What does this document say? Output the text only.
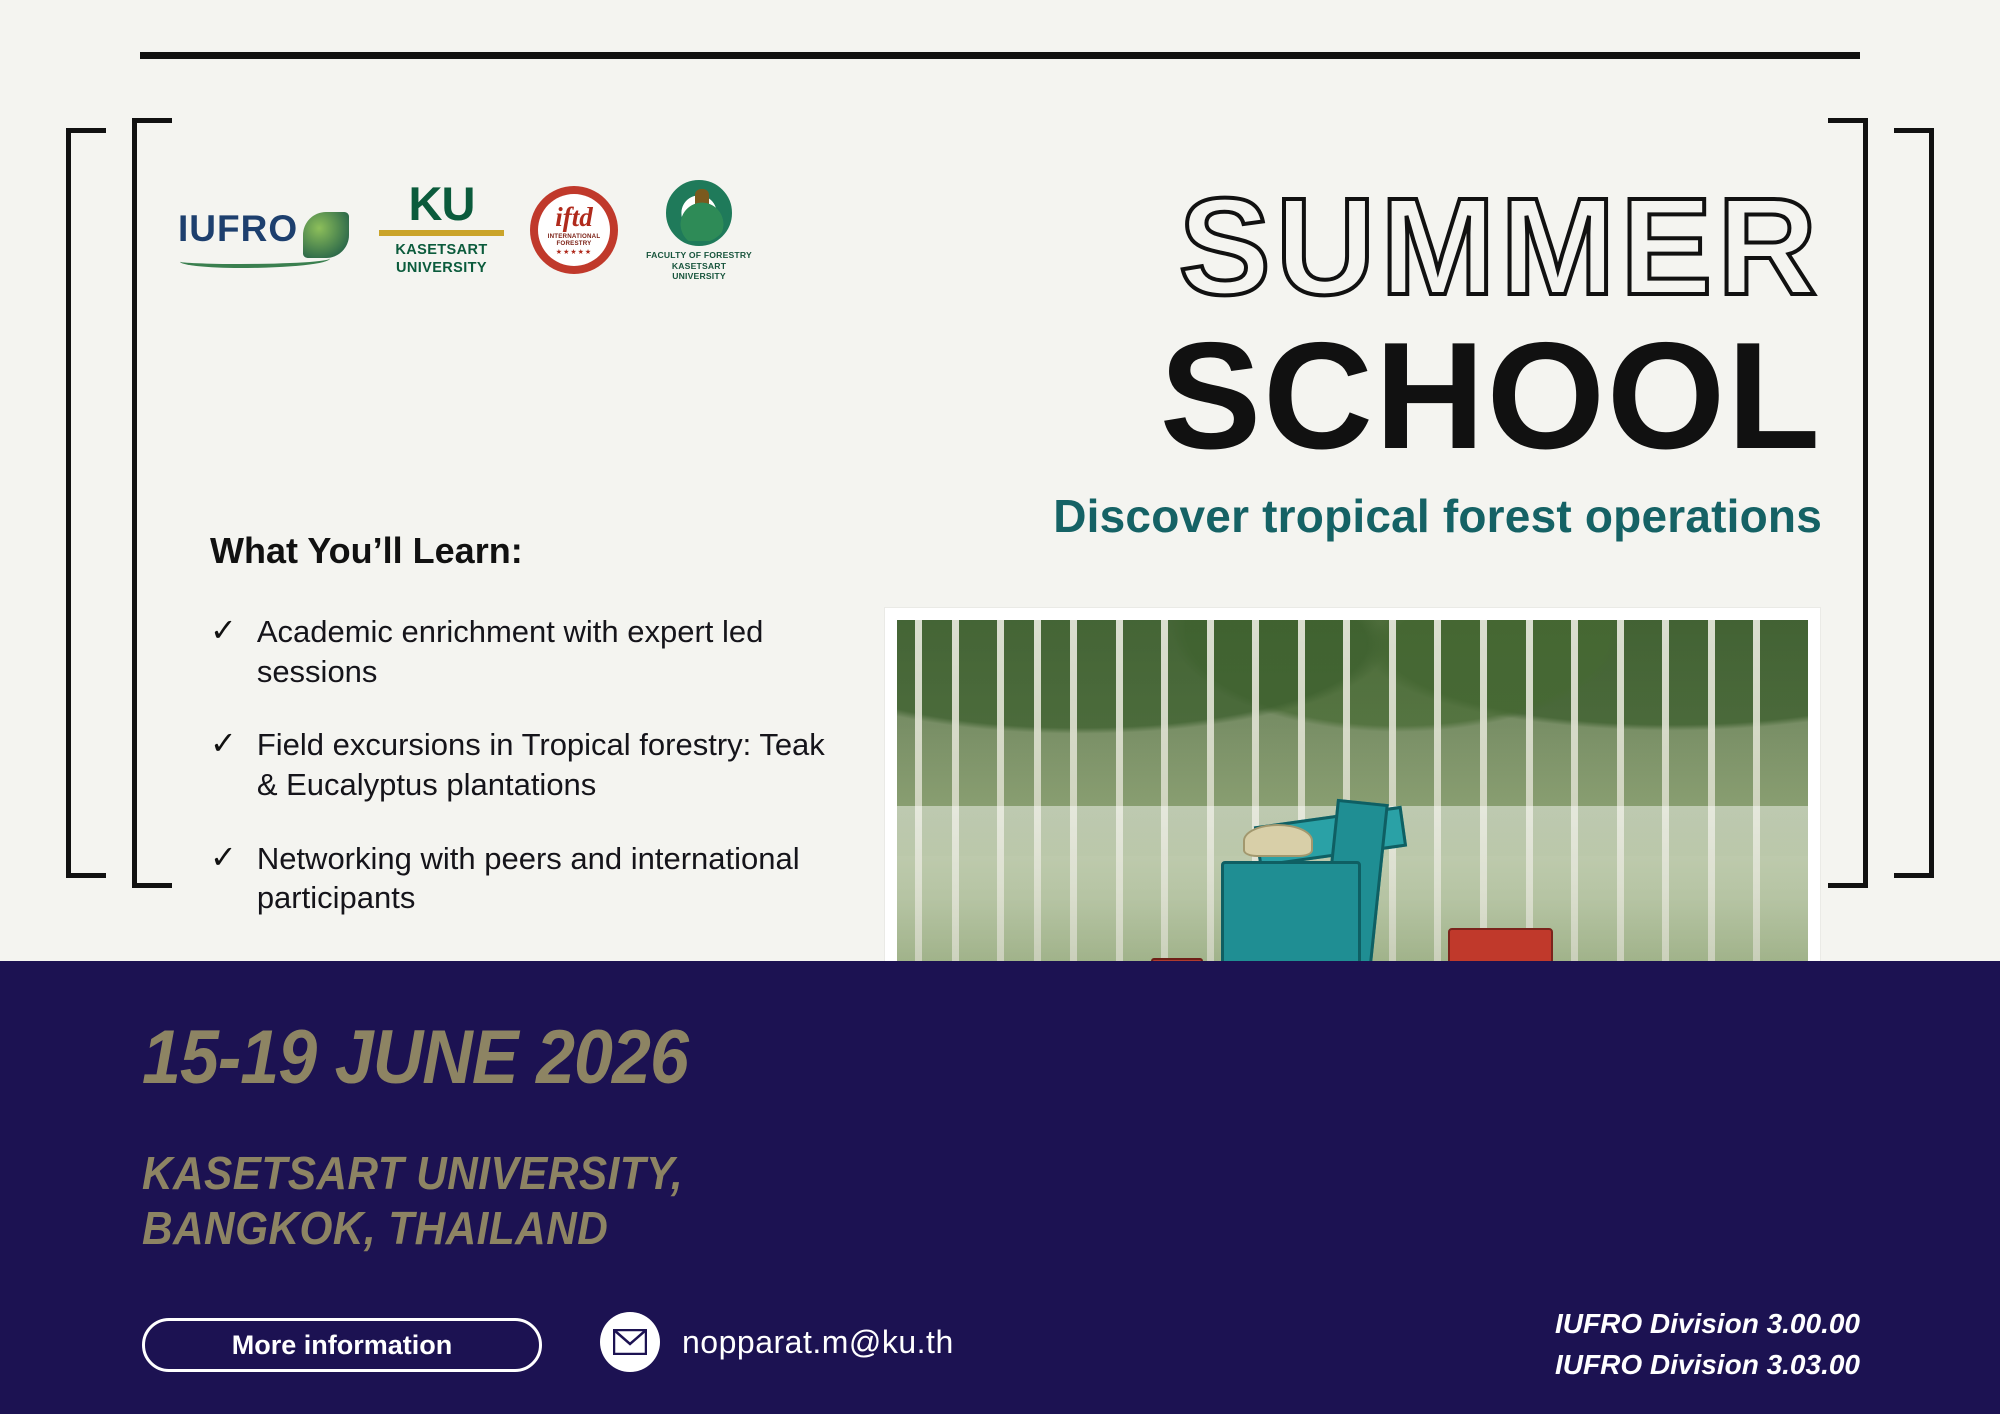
IUFRO	KU
KASETSART
UNIVERSITY
iftd
INTERNATIONAL
FORESTRY
★★★★★	FACULTY OF FORESTRY
KASETSART UNIVERSITY	SUMMER
SCHOOL
Discover tropical forest operations
What You’ll Learn:
✓ Academic enrichment with expert led sessions
✓ Field excursions in Tropical forestry: Teak & Eucalyptus plantations
✓ Networking with peers and international participants
15-19 JUNE 2026
KASETSART UNIVERSITY,
BANGKOK, THAILAND
More information	nopparat.m@ku.th	IUFRO Division 3.00.00
IUFRO Division 3.03.00
